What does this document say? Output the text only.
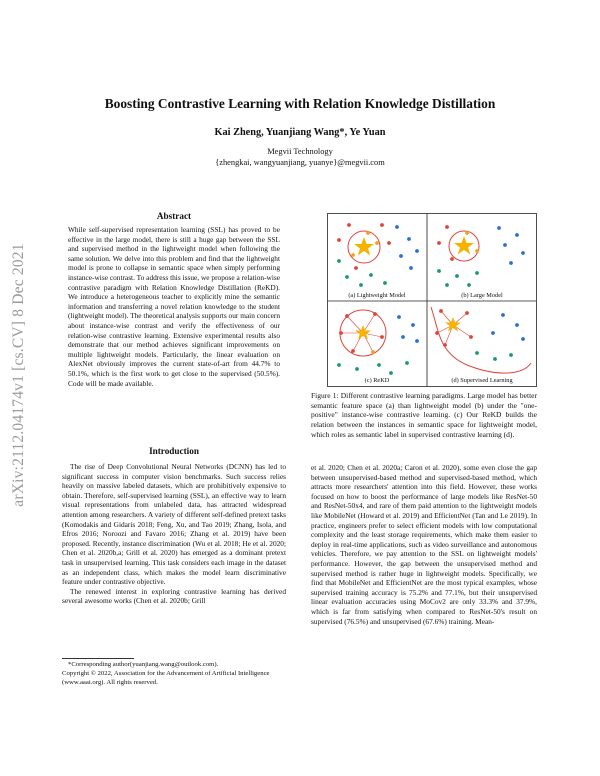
Boosting Contrastive Learning with Relation Knowledge Distillation
Kai Zheng, Yuanjiang Wang*, Ye Yuan
Megvii Technology
{zhengkai, wangyuanjiang, yuanye}@megvii.com
arXiv:2112.04174v1 [cs.CV] 8 Dec 2021
Abstract

While self-supervised representation learning (SSL) has proved to be effective in the large model, there is still a huge gap between the SSL and supervised method in the lightweight model when following the same solution. We delve into this problem and find that the lightweight model is prone to collapse in semantic space when simply performing instance-wise contrast. To address this issue, we propose a relation-wise contrastive paradigm with Relation Knowledge Distillation (ReKD). We introduce a heterogeneous teacher to explicitly mine the semantic information and transferring a novel relation knowledge to the student (lightweight model). The theoretical analysis supports our main concern about instance-wise contrast and verify the effectiveness of our relation-wise contrastive learning. Extensive experimental results also demonstrate that our method achieves significant improvements on multiple lightweight models. Particularly, the linear evaluation on AlexNet obviously improves the current state-of-art from 44.7% to 50.1%, which is the first work to get close to the supervised (50.5%). Code will be made available.

Introduction

The rise of Deep Convolutional Neural Networks (DCNN) has led to significant success in computer vision benchmarks. Such success relies heavily on massive labeled datasets, which are prohibitively expensive to obtain. Therefore, self-supervised learning (SSL), an effective way to learn visual representations from unlabeled data, has attracted widespread attention among researchers. A variety of different self-defined pretext tasks (Komodakis and Gidaris 2018; Feng, Xu, and Tao 2019; Zhang, Isola, and Efros 2016; Noroozi and Favaro 2016; Zhang et al. 2019) have been proposed. Recently, instance discrimination (Wu et al. 2018; He et al. 2020; Chen et al. 2020b,a; Grill et al. 2020) has emerged as a dominant pretext task in unsupervised learning. This task considers each image in the dataset as an independent class, which makes the model learn discriminative feature under contrastive objective.

The renewed interest in exploring contrastive learning has derived several awesome works (Chen et al. 2020b; Grill

*Corresponding author(yuanjiang.wang@outlook.com).
Copyright © 2022, Association for the Advancement of Artificial Intelligence (www.aaai.org). All rights reserved.
(a) Lightweight Model	(b) Large Model
(c) ReKD	(d) Supervised Learning

Figure 1: Different contrastive learning paradigms. Large model has better semantic feature space (a) than lightweight model (b) under the "one-positive" instance-wise contrastive learning. (c) Our ReKD builds the relation between the instances in semantic space for lightweight model, which roles as semantic label in supervised contrastive learning (d).

et al. 2020; Chen et al. 2020a; Caron et al. 2020), some even close the gap between unsupervised-based method and supervised-based method, which attracts more researchers' attention into this field. However, these works focused on how to boost the performance of large models like ResNet-50 and ResNet-50x4, and rare of them paid attention to the lightweight models like MobileNet (Howard et al. 2019) and EfficientNet (Tan and Le 2019). In practice, engineers prefer to select efficient models with low computational complexity and the least storage requirements, which make them easier to deploy in real-time applications, such as video surveillance and autonomous vehicles. Therefore, we pay attention to the SSL on lightweight models' performance. However, the gap between the unsupervised method and supervised method is rather huge in lightweight models. Specifically, we find that MobileNet and EfficientNet are the most typical examples, whose supervised training accuracy is 75.2% and 77.1%, but their unsupervised linear evaluation accuracies using MoCov2 are only 33.3% and 37.9%, which is far from satisfying when compared to ResNet-50's result on supervised (76.5%) and unsupervised (67.6%) training. Mean-
